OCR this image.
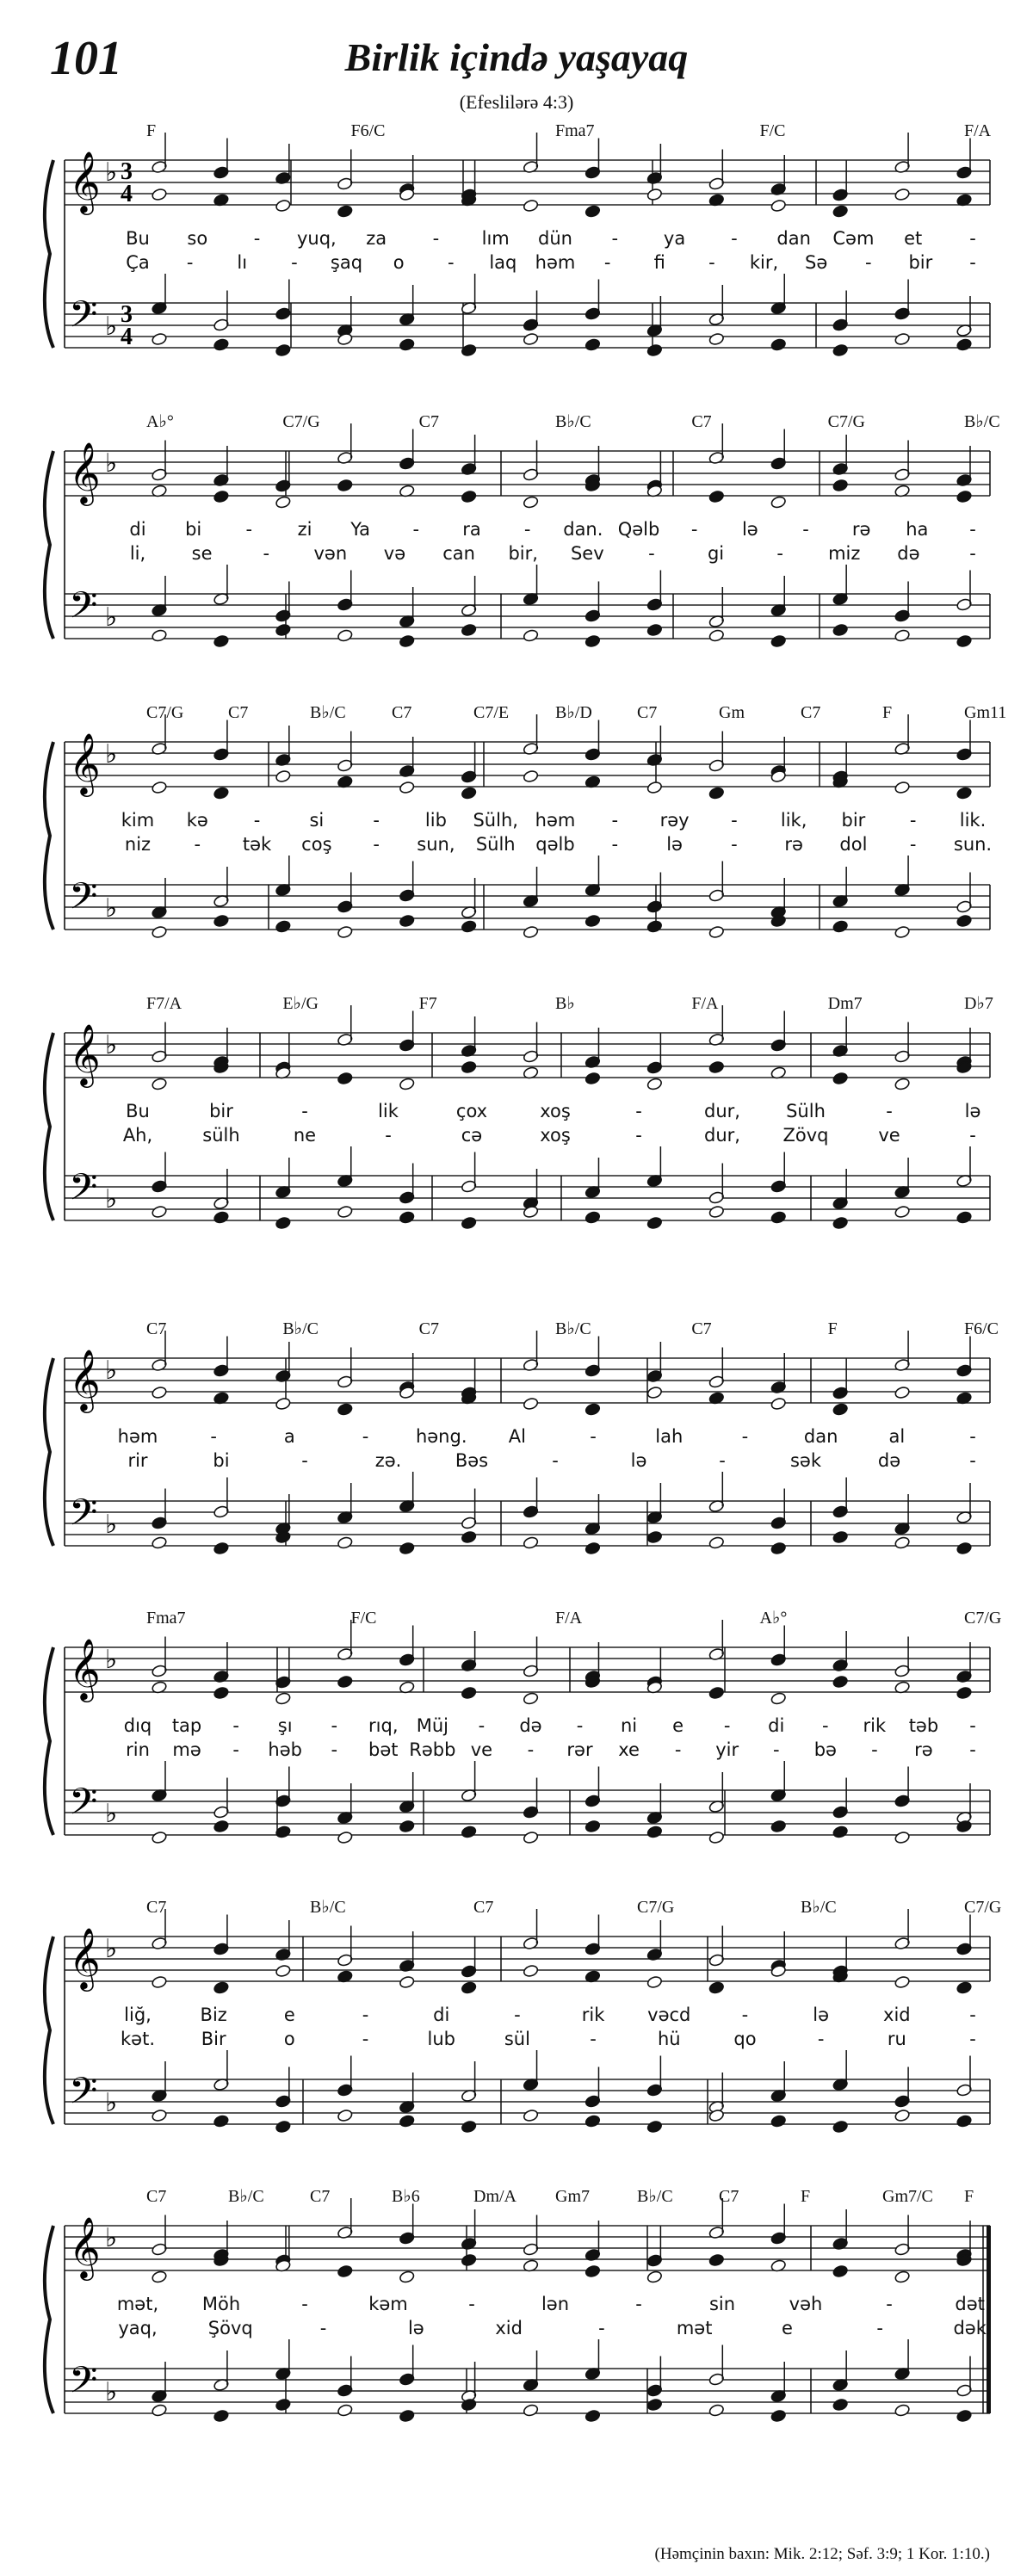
101	Birlik içində yaşayaq
(Efeslilərə 4:3)
𝄞
𝄢
♭
♭
3
4
3
4
F	F6/C	Fma7	F/C	F/A
Bu so	- yuq, za	- lım dün -	ya	- dan Cəm et	-
Ça - lı - şaq o - laq həm - fi - kir, Sə - bir -
𝄞
𝄢
♭
♭
A♭°	C7/G	C7	B♭/C	C7	C7/G	B♭/C
di bi - zi Ya - ra - dan. Qəlb - lə - rə ha -
li,	se	- vən və can bir, Sev -	gi	- miz də	-
𝄞
𝄢
♭
♭
C7/G	C7	B♭/C	C7	C7/E	B♭/D	C7	Gm	C7	F	Gm11
kim kə	-	si	-	lib Sülh, həm - rəy - lik, bir - lik.
niz - tək coş - sun, Sülh qəlb -	lə	-	rə dol - sun.
𝄞
𝄢
♭
♭
F7/A	E♭/G	F7	B♭	F/A	Dm7	D♭7
Bu	bir	-	lik	çox	xoş	-	dur,	Sülh	-	lə
Ah,	sülh	ne	-	cə	xoş	-	dur, Zövq	ve	-
𝄞
𝄢
♭
♭
C7	B♭/C	C7	B♭/C	C7	F	F6/C
həm	-	a	-	həng. Al	-	lah	-	dan	al	-
rir	bi	-	zə.	Bəs	-	lə	-	sək	də	-
𝄞
𝄢
♭
♭
Fma7	F/C	F/A	A♭°	C7/G
dıq tap - şı - rıq, Müj - də - ni e - di - rik təb -
rin mə - həb - bət Rəbb ve - rər xe - yir - bə - rə -
𝄞
𝄢
♭
♭
C7	B♭/C	C7	C7/G	B♭/C	C7/G
liğ,	Biz	e	-	di	-	rik vəcd	-	lə	xid	-
kət.	Bir	o	-	lub	sül	-	hü	qo	-	ru	-
𝄞
𝄢
♭
♭
C7	B♭/C	C7	B♭6	Dm/A Gm7	B♭/C	C7	F	Gm7/C F
mət, Möh	-	kəm	-	lən	-	sin	vəh	-	dət.
yaq,	Şövq	-	lə	xid	-	mət	e	-	dək.
(Həmçinin baxın: Mik. 2:12; Səf. 3:9; 1 Kor. 1:10.)
